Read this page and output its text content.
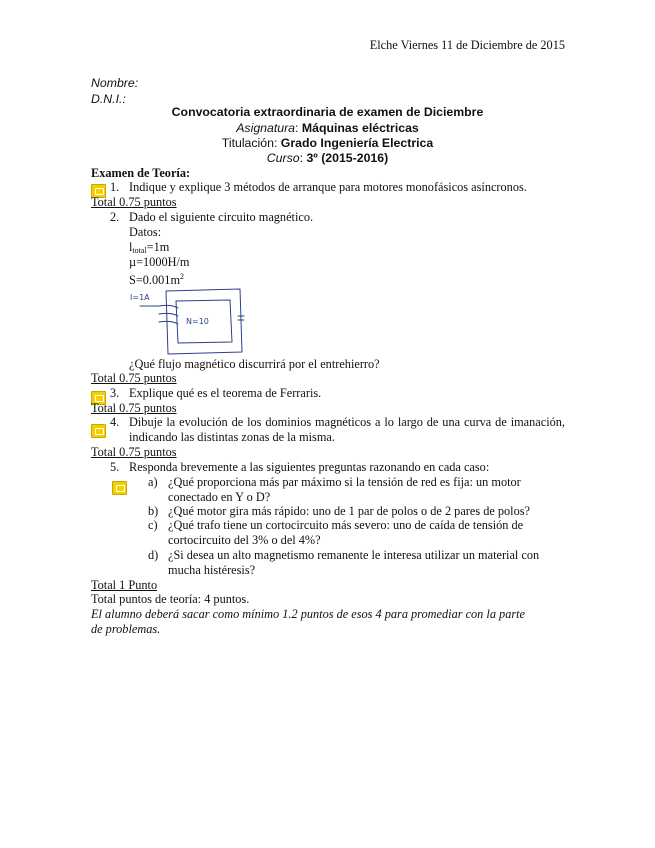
Elche Viernes 11 de Diciembre de 2015
Nombre:
D.N.I.:
Convocatoria extraordinaria de examen de Diciembre
Asignatura: Máquinas eléctricas
Titulación: Grado Ingeniería Electrica
Curso: 3º (2015-2016)
Examen de Teoría:
1. Indique y explique 3 métodos de arranque para motores monofásicos asíncronos.
Total 0.75 puntos
2. Dado el siguiente circuito magnético.
Datos:
$l_{total}=1m$
µ=1000H/m
$S=0.001m^2$
I=1A
N=10
¿Qué flujo magnético discurrirá por el entrehierro?
Total 0.75 puntos
3. Explique qué es el teorema de Ferraris.
Total 0.75 puntos
4. Dibuje la evolución de los dominios magnéticos a lo largo de una curva de imanación, indicando las distintas zonas de la misma.
Total 0.75 puntos
5. Responda brevemente a las siguientes preguntas razonando en cada caso:
a) ¿Qué proporciona más par máximo si la tensión de red es fija: un motor
conectado en Y o D?
b) ¿Qué motor gira más rápido: uno de 1 par de polos o de 2 pares de polos?
c) ¿Qué trafo tiene un cortocircuito más severo: uno de caída de tensión de
cortocircuito del 3% o del 4%?
d) ¿Si desea un alto magnetismo remanente le interesa utilizar un material con
mucha histéresis?
Total 1 Punto
Total puntos de teoría: 4 puntos.
El alumno deberá sacar como mínimo 1.2 puntos de esos 4 para promediar con la parte
de problemas.
